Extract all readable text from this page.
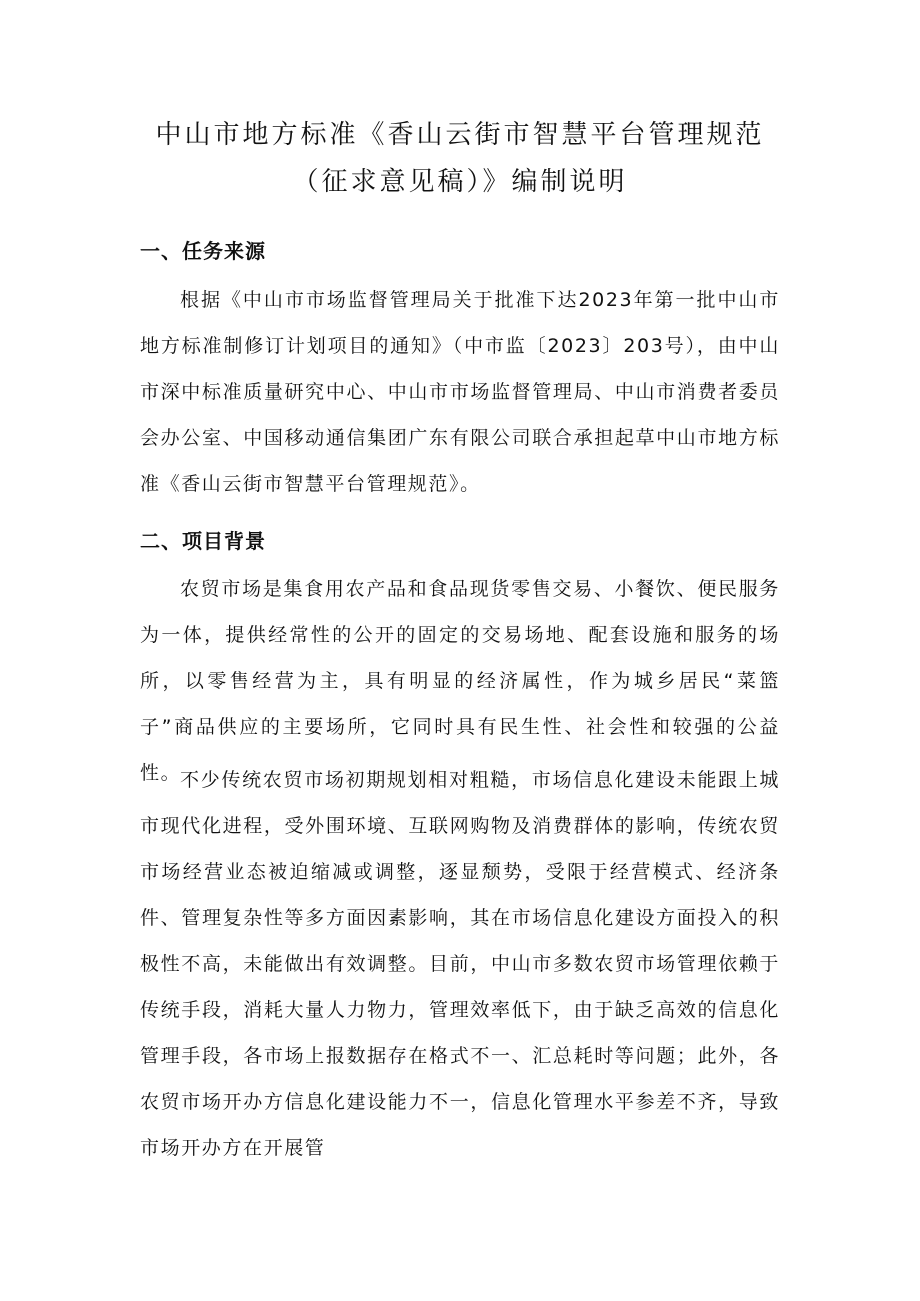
中山市地方标准《香山云街市智慧平台管理规范（征求意见稿）》编制说明
一、任务来源

根据《中山市市场监督管理局关于批准下达2023年第一批中山市地方标准制修订计划项目的通知》（中市监〔2023〕203号），由中山市深中标准质量研究中心、中山市市场监督管理局、中山市消费者委员会办公室、中国移动通信集团广东有限公司联合承担起草中山市地方标准《香山云街市智慧平台管理规范》。

二、项目背景

农贸市场是集食用农产品和食品现货零售交易、小餐饮、便民服务为一体，提供经常性的公开的固定的交易场地、配套设施和服务的场所，以零售经营为主，具有明显的经济属性，作为城乡居民“菜篮子”商品供应的主要场所，它同时具有民生性、社会性和较强的公益性。

不少传统农贸市场初期规划相对粗糙，市场信息化建设未能跟上城市现代化进程，受外围环境、互联网购物及消费群体的影响，传统农贸市场经营业态被迫缩减或调整，逐显颓势，受限于经营模式、经济条件、管理复杂性等多方面因素影响，其在市场信息化建设方面投入的积极性不高，未能做出有效调整。目前，中山市多数农贸市场管理依赖于传统手段，消耗大量人力物力，管理效率低下，由于缺乏高效的信息化管理手段，各市场上报数据存在格式不一、汇总耗时等问题；此外，各农贸市场开办方信息化建设能力不一，信息化管理水平参差不齐，导致市场开办方在开展管
